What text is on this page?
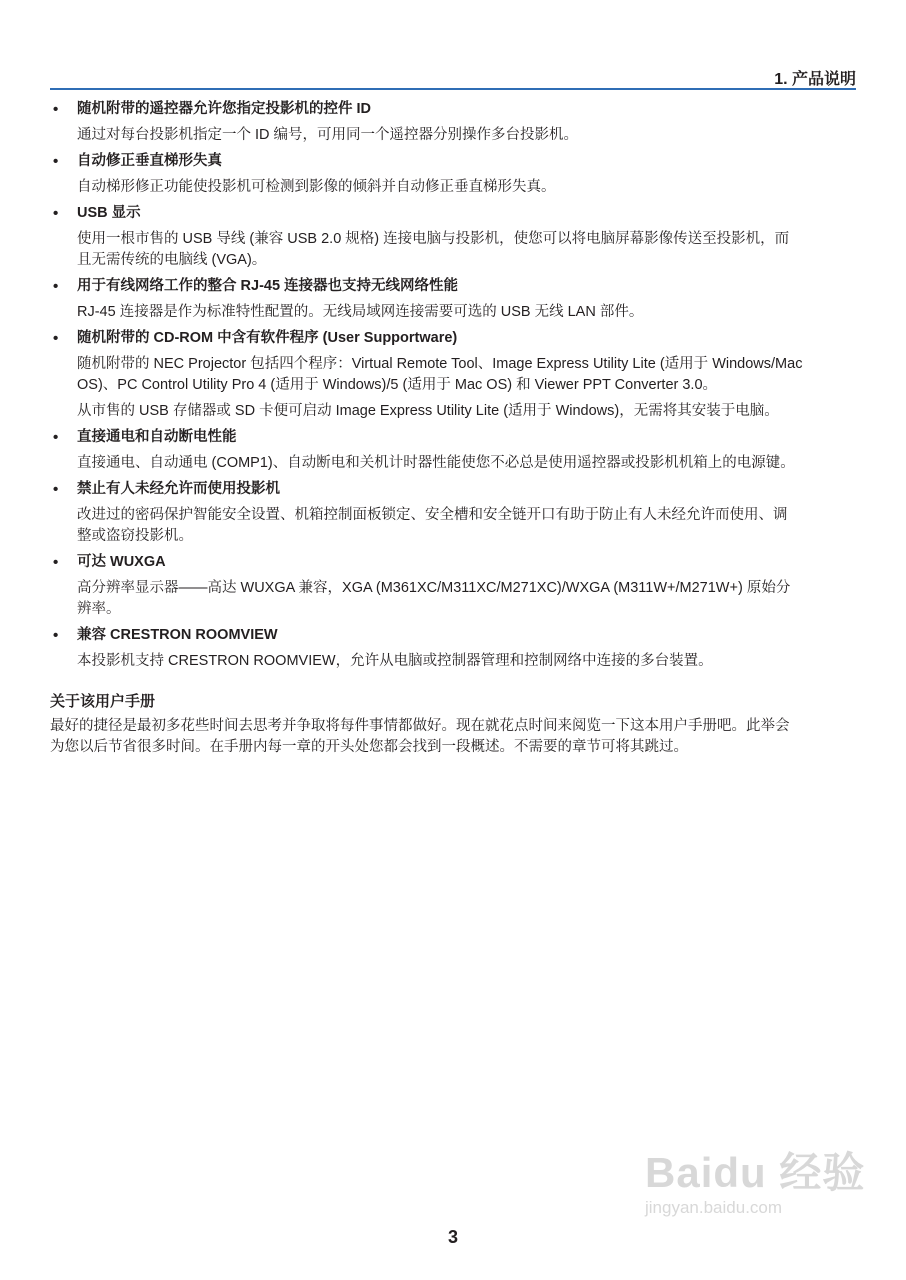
1. 产品说明
• 随机附带的遥控器允许您指定投影机的控件 ID
通过对每台投影机指定一个 ID 编号，可用同一个遥控器分别操作多台投影机。
• 自动修正垂直梯形失真
自动梯形修正功能使投影机可检测到影像的倾斜并自动修正垂直梯形失真。
• USB 显示
使用一根市售的 USB 导线 (兼容 USB 2.0 规格) 连接电脑与投影机，使您可以将电脑屏幕影像传送至投影机，而
且无需传统的电脑线 (VGA)。
• 用于有线网络工作的整合 RJ-45 连接器也支持无线网络性能
RJ-45 连接器是作为标准特性配置的。无线局域网连接需要可选的 USB 无线 LAN 部件。
• 随机附带的 CD-ROM 中含有软件程序 (User Supportware)
随机附带的 NEC Projector 包括四个程序：Virtual Remote Tool、Image Express Utility Lite (适用于 Windows/Mac
OS)、PC Control Utility Pro 4 (适用于 Windows)/5 (适用于 Mac OS) 和 Viewer PPT Converter 3.0。
从市售的 USB 存储器或 SD 卡便可启动 Image Express Utility Lite (适用于 Windows)，无需将其安装于电脑。
• 直接通电和自动断电性能
直接通电、自动通电 (COMP1)、自动断电和关机计时器性能使您不必总是使用遥控器或投影机机箱上的电源键。
• 禁止有人未经允许而使用投影机
改进过的密码保护智能安全设置、机箱控制面板锁定、安全槽和安全链开口有助于防止有人未经允许而使用、调
整或盗窃投影机。
• 可达 WUXGA
高分辨率显示器——高达 WUXGA 兼容，XGA (M361XC/M311XC/M271XC)/WXGA (M311W+/M271W+) 原始分
辨率。
• 兼容 CRESTRON ROOMVIEW
本投影机支持 CRESTRON ROOMVIEW，允许从电脑或控制器管理和控制网络中连接的多台装置。
关于该用户手册
最好的捷径是最初多花些时间去思考并争取将每件事情都做好。现在就花点时间来阅览一下这本用户手册吧。此举会
为您以后节省很多时间。在手册内每一章的开头处您都会找到一段概述。不需要的章节可将其跳过。
3
Baidu 经验
jingyan.baidu.com
